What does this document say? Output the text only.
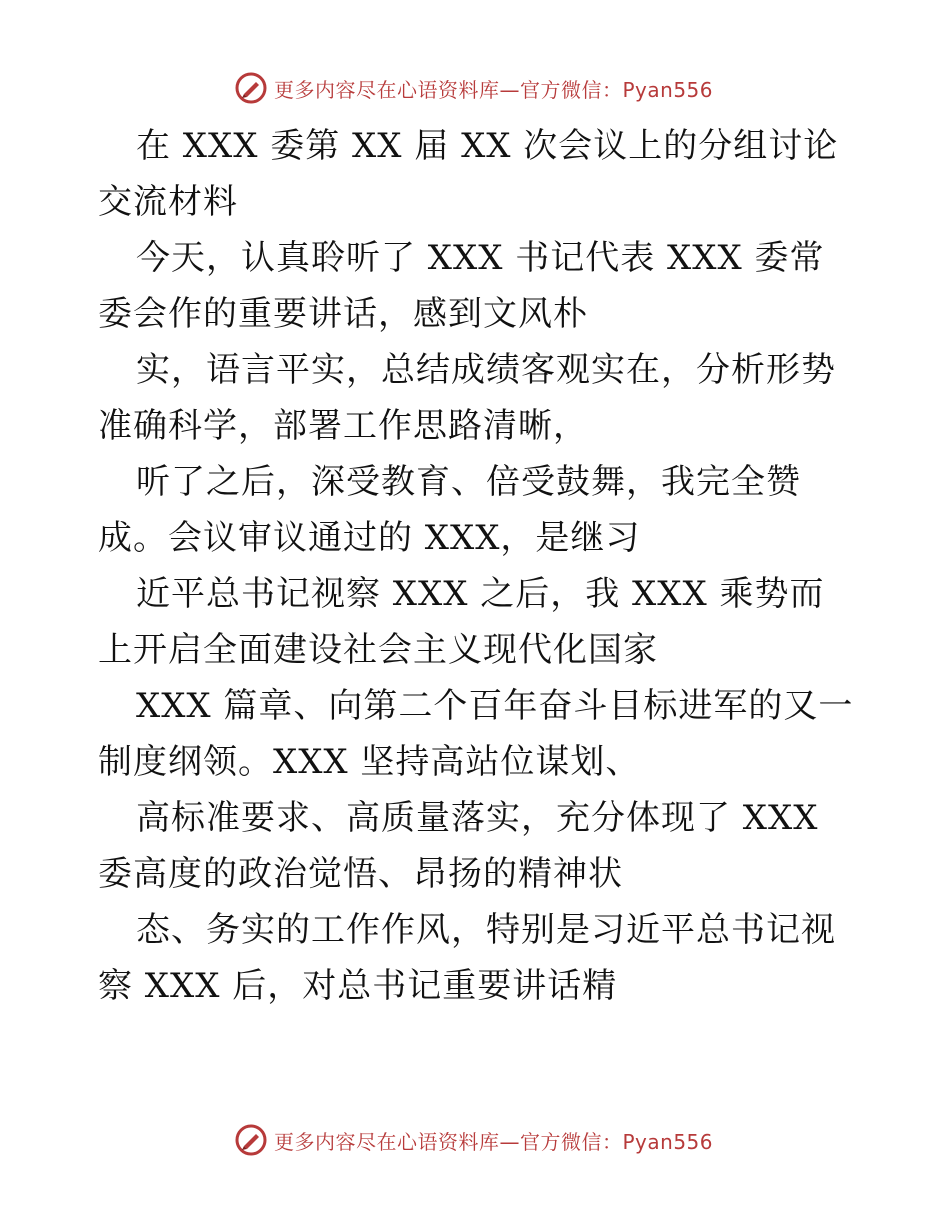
更多内容尽在心语资料库—官方微信：Pyan556
在 XXX 委第 XX 届 XX 次会议上的分组讨论交流材料
今天，认真聆听了 XXX 书记代表 XXX 委常委会作的重要讲话，感到文风朴
实，语言平实，总结成绩客观实在，分析形势准确科学，部署工作思路清晰，
听了之后，深受教育、倍受鼓舞，我完全赞成。会议审议通过的 XXX，是继习
近平总书记视察 XXX 之后，我 XXX 乘势而上开启全面建设社会主义现代化国家
XXX 篇章、向第二个百年奋斗目标进军的又一制度纲领。XXX 坚持高站位谋划、
高标准要求、高质量落实，充分体现了 XXX 委高度的政治觉悟、昂扬的精神状
态、务实的工作作风，特别是习近平总书记视察 XXX 后，对总书记重要讲话精
更多内容尽在心语资料库—官方微信：Pyan556
